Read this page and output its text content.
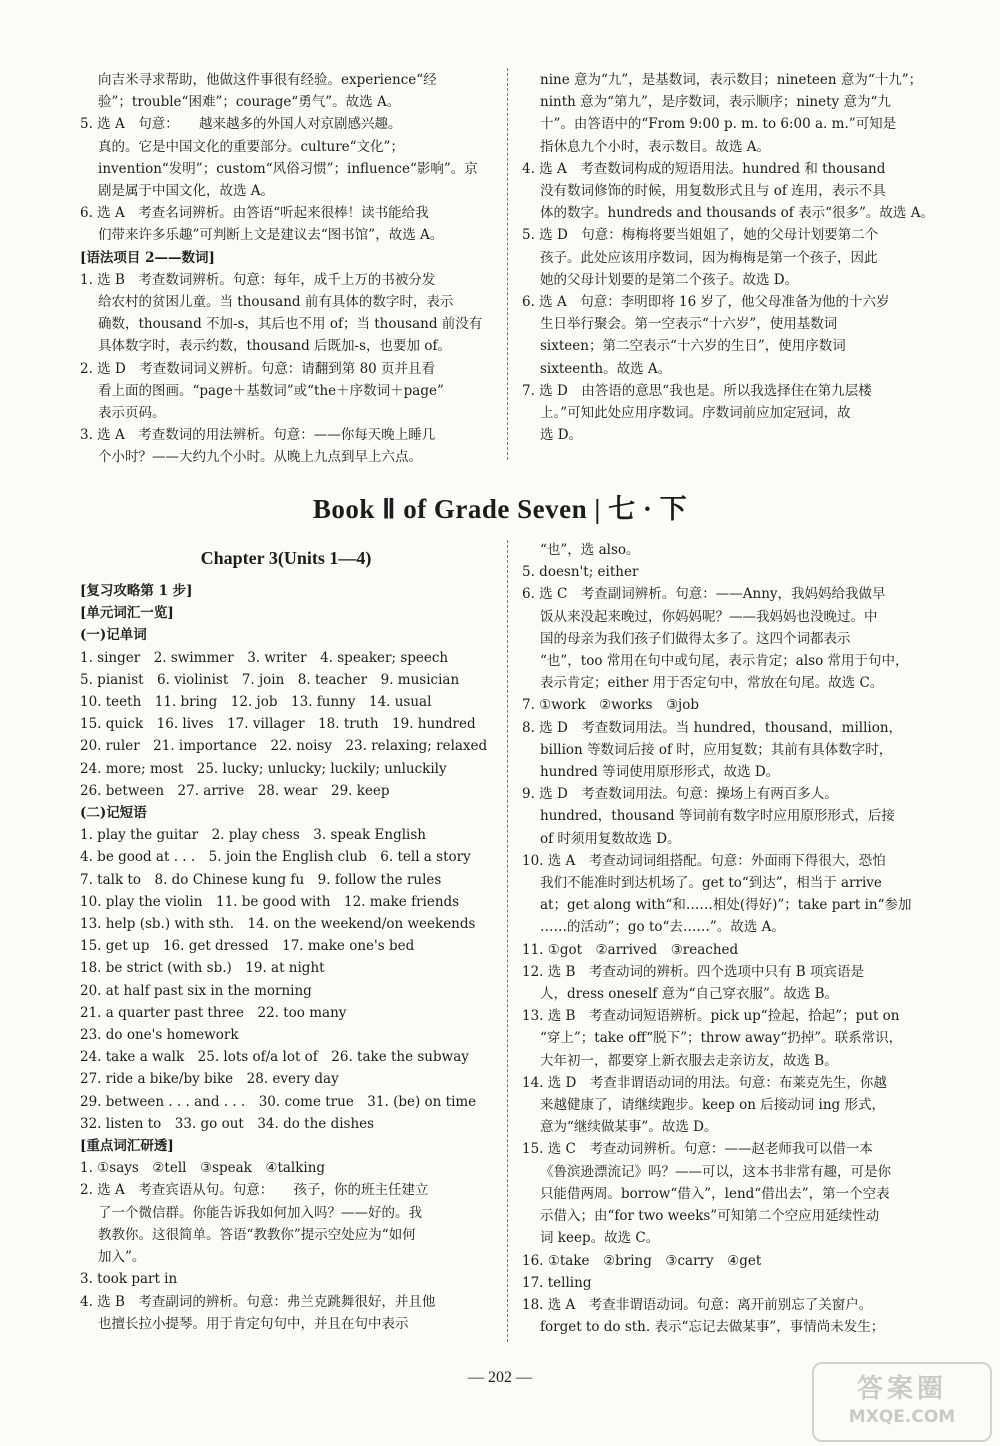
向吉米寻求帮助，他做这件事很有经验。experience“经

验”；trouble“困难”；courage“勇气”。故选 A。

5. 选 A　句意：　　越来越多的外国人对京剧感兴趣。

真的。它是中国文化的重要部分。culture“文化”；

invention“发明”；custom“风俗习惯”；influence“影响”。京

剧是属于中国文化，故选 A。

6. 选 A　考查名词辨析。由答语“听起来很棒！读书能给我

们带来许多乐趣”可判断上文是建议去“图书馆”，故选 A。

[语法项目 2——数词]

1. 选 B　考查数词辨析。句意：每年，成千上万的书被分发

给农村的贫困儿童。当 thousand 前有具体的数字时，表示

确数，thousand 不加-s，其后也不用 of；当 thousand 前没有

具体数字时，表示约数，thousand 后既加-s，也要加 of。

2. 选 D　考查数词词义辨析。句意：请翻到第 80 页并且看

看上面的图画。“page＋基数词”或“the＋序数词＋page”

表示页码。

3. 选 A　考查数词的用法辨析。句意：——你每天晚上睡几

个小时？——大约九个小时。从晚上九点到早上六点。

nine 意为“九”，是基数词，表示数目；nineteen 意为“十九”；

ninth 意为“第九”，是序数词，表示顺序；ninety 意为“九

十”。由答语中的“From 9:00 p. m. to 6:00 a. m.”可知是

指休息九个小时，表示数目。故选 A。

4. 选 A　考查数词构成的短语用法。hundred 和 thousand

没有数词修饰的时候，用复数形式且与 of 连用，表示不具

体的数字。hundreds and thousands of 表示“很多”。故选 A。

5. 选 D　句意：梅梅将要当姐姐了，她的父母计划要第二个

孩子。此处应该用序数词，因为梅梅是第一个孩子，因此

她的父母计划要的是第二个孩子。故选 D。

6. 选 A　句意：李明即将 16 岁了，他父母准备为他的十六岁

生日举行聚会。第一空表示“十六岁”，使用基数词

sixteen；第二空表示“十六岁的生日”，使用序数词

sixteenth。故选 A。

7. 选 D　由答语的意思“我也是。所以我选择住在第九层楼

上。”可知此处应用序数词。序数词前应加定冠词，故

选 D。

Book Ⅱ of Grade Seven | 七 · 下
Chapter 3(Units 1—4)

[复习攻略第 1 步]

[单元词汇一览]

(一)记单词

1. singer　2. swimmer　3. writer　4. speaker; speech

5. pianist　6. violinist　7. join　8. teacher　9. musician

10. teeth　11. bring　12. job　13. funny　14. usual

15. quick　16. lives　17. villager　18. truth　19. hundred

20. ruler　21. importance　22. noisy　23. relaxing; relaxed

24. more; most　25. lucky; unlucky; luckily; unluckily

26. between　27. arrive　28. wear　29. keep

(二)记短语

1. play the guitar　2. play chess　3. speak English

4. be good at . . .　5. join the English club　6. tell a story

7. talk to　8. do Chinese kung fu　9. follow the rules

10. play the violin　11. be good with　12. make friends

13. help (sb.) with sth.　14. on the weekend/on weekends

15. get up　16. get dressed　17. make one's bed

18. be strict (with sb.)　19. at night

20. at half past six in the morning

21. a quarter past three　22. too many

23. do one's homework

24. take a walk　25. lots of/a lot of　26. take the subway

27. ride a bike/by bike　28. every day

29. between . . . and . . .　30. come true　31. (be) on time

32. listen to　33. go out　34. do the dishes

[重点词汇研透]

1. ①says　②tell　③speak　④talking

2. 选 A　考查宾语从句。句意：　　孩子，你的班主任建立

了一个微信群。你能告诉我如何加入吗？——好的。我

教教你。这很简单。答语“教教你”提示空处应为“如何

加入”。

3. took part in

4. 选 B　考查副词的辨析。句意：弗兰克跳舞很好，并且他

也擅长拉小提琴。用于肯定句句中，并且在句中表示

“也”，选 also。

5. doesn't; either

6. 选 C　考查副词辨析。句意：——Anny，我妈妈给我做早

饭从来没起来晚过，你妈妈呢？——我妈妈也没晚过。中

国的母亲为我们孩子们做得太多了。这四个词都表示

“也”，too 常用在句中或句尾，表示肯定；also 常用于句中，

表示肯定；either 用于否定句中，常放在句尾。故选 C。

7. ①work　②works　③job

8. 选 D　考查数词用法。当 hundred，thousand，million，

billion 等数词后接 of 时，应用复数；其前有具体数字时，

hundred 等词使用原形形式，故选 D。

9. 选 D　考查数词用法。句意：操场上有两百多人。

hundred，thousand 等词前有数字时应用原形形式，后接

of 时须用复数故选 D。

10. 选 A　考查动词词组搭配。句意：外面雨下得很大，恐怕

我们不能准时到达机场了。get to“到达”，相当于 arrive

at；get along with“和……相处(得好)”；take part in“参加

……的活动”；go to“去……”。故选 A。

11. ①got　②arrived　③reached

12. 选 B　考查动词的辨析。四个选项中只有 B 项宾语是

人，dress oneself 意为“自己穿衣服”。故选 B。

13. 选 B　考查动词短语辨析。pick up“捡起，拾起”；put on

“穿上”；take off“脱下”；throw away“扔掉”。联系常识，

大年初一，都要穿上新衣服去走亲访友，故选 B。

14. 选 D　考查非谓语动词的用法。句意：布莱克先生，你越

来越健康了，请继续跑步。keep on 后接动词 ing 形式，

意为“继续做某事”。故选 D。

15. 选 C　考查动词辨析。句意：——赵老师我可以借一本

《鲁滨逊漂流记》吗？——可以，这本书非常有趣，可是你

只能借两周。borrow“借入”，lend“借出去”，第一个空表

示借入；由“for two weeks”可知第二个空应用延续性动

词 keep。故选 C。

16. ①take　②bring　③carry　④get

17. telling

18. 选 A　考查非谓语动词。句意：离开前别忘了关窗户。

forget to do sth. 表示“忘记去做某事”，事情尚未发生；

— 202 —	答案圈
MXQE.COM
